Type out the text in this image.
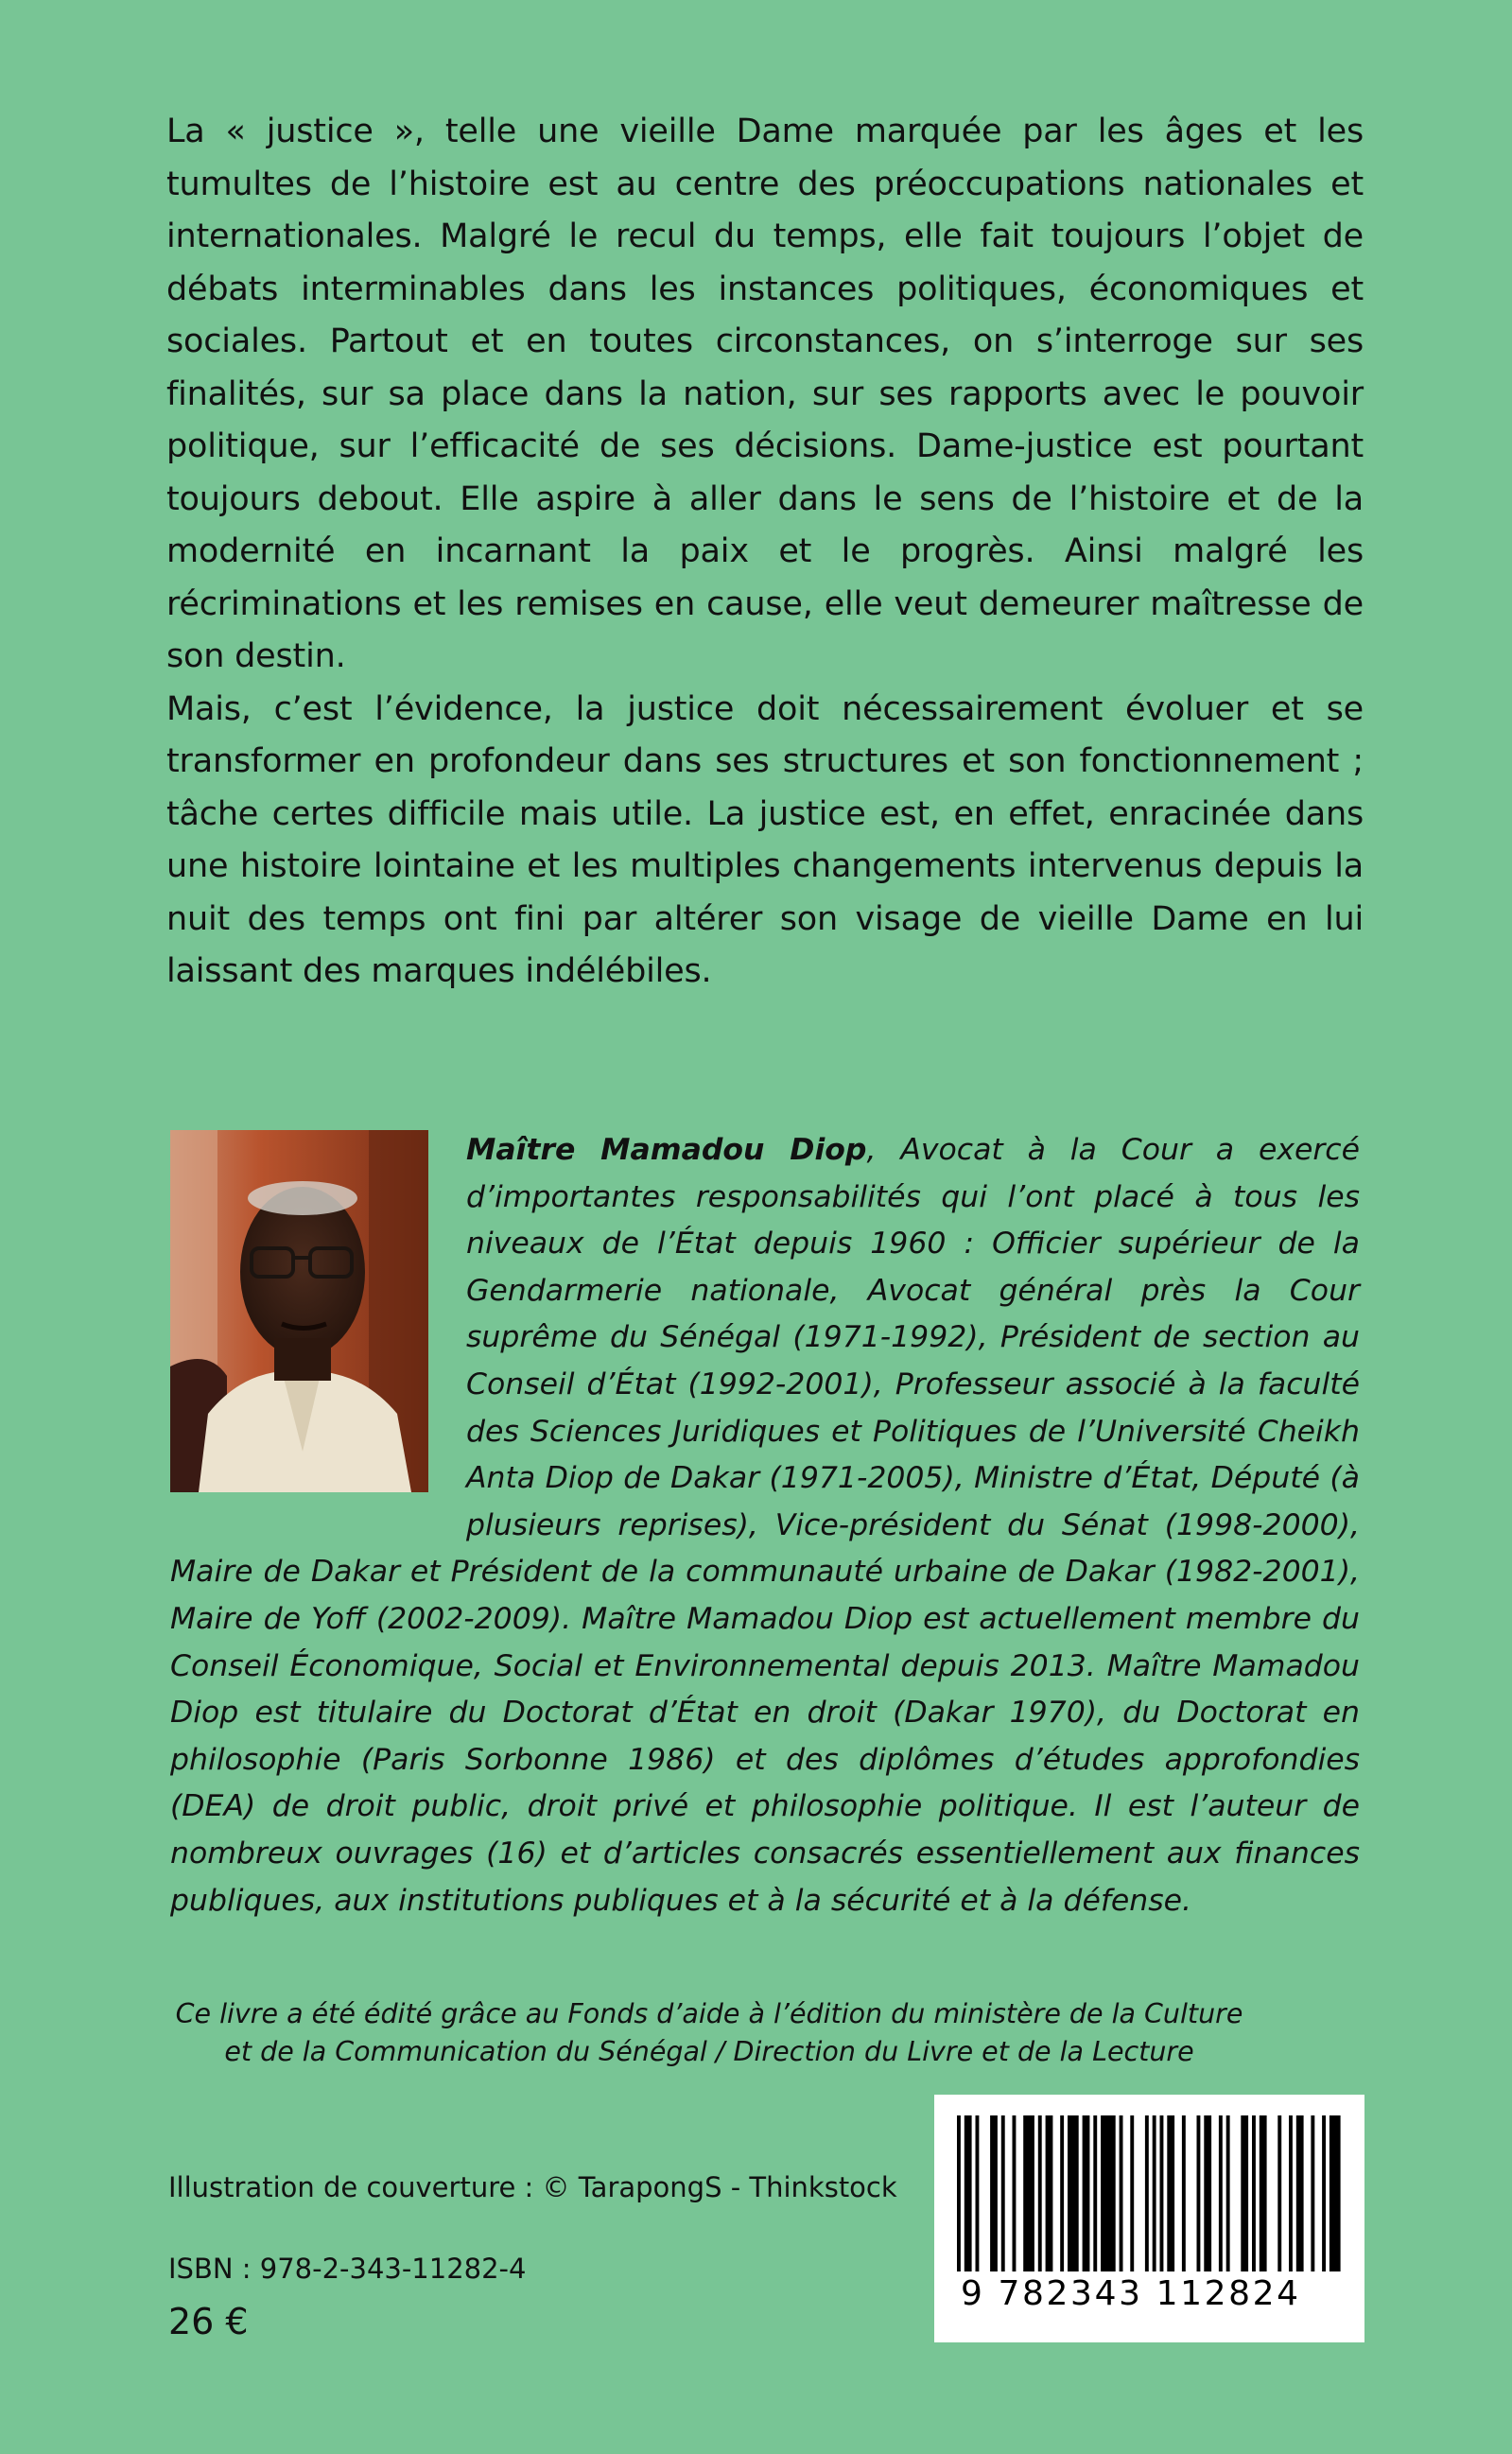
La « justice », telle une vieille Dame marquée par les âges et les tumultes de l’histoire est au centre des préoccupations nationales et internationales. Malgré le recul du temps, elle fait toujours l’objet de débats interminables dans les instances politiques, économiques et sociales. Partout et en toutes circonstances, on s’interroge sur ses finalités, sur sa place dans la nation, sur ses rapports avec le pouvoir politique, sur l’efficacité de ses décisions. Dame-justice est pourtant toujours debout. Elle aspire à aller dans le sens de l’histoire et de la modernité en incarnant la paix et le progrès. Ainsi malgré les récriminations et les remises en cause, elle veut demeurer maîtresse de son destin.

Mais, c’est l’évidence, la justice doit nécessairement évoluer et se transformer en profondeur dans ses structures et son fonctionnement ; tâche certes difficile mais utile. La justice est, en effet, enracinée dans une histoire lointaine et les multiples changements intervenus depuis la nuit des temps ont fini par altérer son visage de vieille Dame en lui laissant des marques indélébiles.

Maître Mamadou Diop, Avocat à la Cour a exercé d’importantes responsabilités qui l’ont placé à tous les niveaux de l’État depuis 1960 : Officier supérieur de la Gendarmerie nationale, Avocat général près la Cour suprême du Sénégal (1971-1992), Président de section au Conseil d’État (1992-2001), Professeur associé à la faculté des Sciences Juridiques et Politiques de l’Université Cheikh Anta Diop de Dakar (1971-2005), Ministre d’État, Député (à plusieurs reprises), Vice-président du Sénat (1998-2000), Maire de Dakar et Président de la communauté urbaine de Dakar (1982-2001), Maire de Yoff (2002-2009). Maître Mamadou Diop est actuellement membre du Conseil Économique, Social et Environnemental depuis 2013. Maître Mamadou Diop est titulaire du Doctorat d’État en droit (Dakar 1970), du Doctorat en philosophie (Paris Sorbonne 1986) et des diplômes d’études approfondies (DEA) de droit public, droit privé et philosophie politique. Il est l’auteur de nombreux ouvrages (16) et d’articles consacrés essentiellement aux finances publiques, aux institutions publiques et à la sécurité et à la défense.

Ce livre a été édité grâce au Fonds d’aide à l’édition du ministère de la Culture
et de la Communication du Sénégal / Direction du Livre et de la Lecture
Illustration de couverture : © TarapongS - Thinkstock
ISBN : 978-2-343-11282-4
26 €
9 782343 112824
